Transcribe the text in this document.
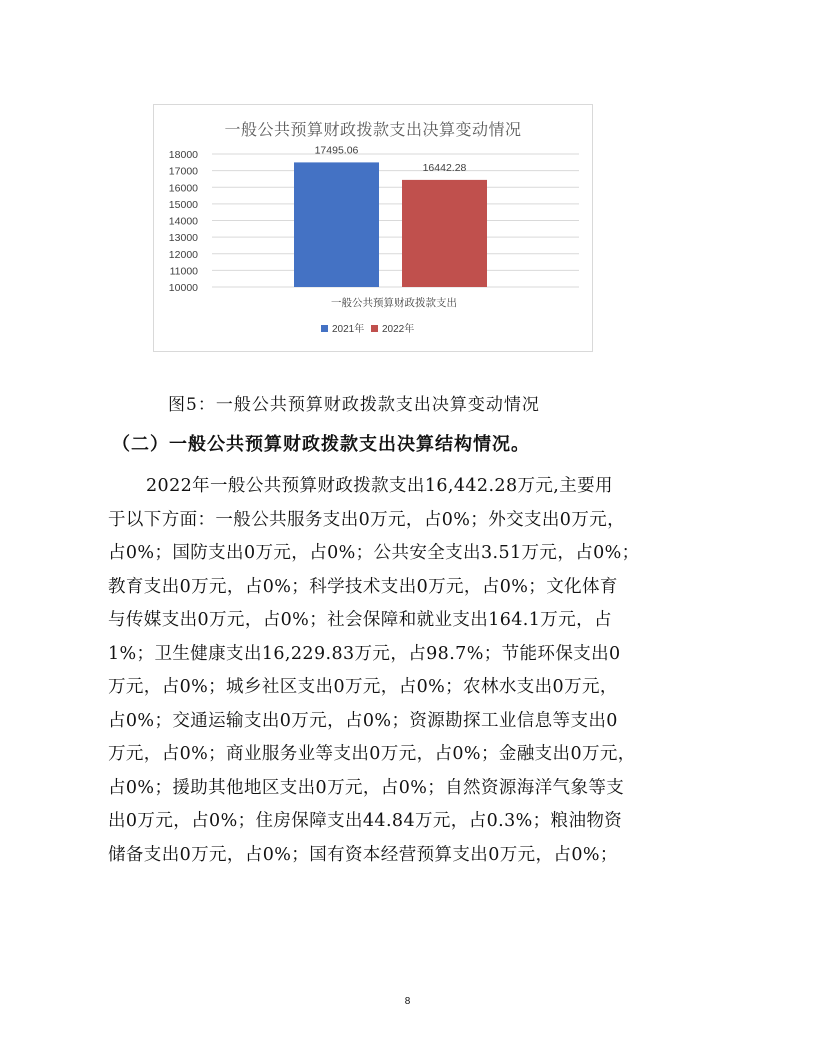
一般公共预算财政拨款支出决算变动情况
10000
11000
12000
13000
14000
15000
16000
17000
18000	17495.06
16442.28
一般公共预算财政拨款支出
2021年 2022年
图5：一般公共预算财政拨款支出决算变动情况
（二）一般公共预算财政拨款支出决算结构情况。
2022年一般公共预算财政拨款支出16,442.28万元,主要用
于以下方面：一般公共服务支出0万元，占0%；外交支出0万元，
占0%；国防支出0万元，占0%；公共安全支出3.51万元，占0%；
教育支出0万元，占0%；科学技术支出0万元，占0%；文化体育
与传媒支出0万元，占0%；社会保障和就业支出164.1万元，占
1%；卫生健康支出16,229.83万元，占98.7%；节能环保支出0
万元，占0%；城乡社区支出0万元，占0%；农林水支出0万元，
占0%；交通运输支出0万元，占0%；资源勘探工业信息等支出0
万元，占0%；商业服务业等支出0万元，占0%；金融支出0万元，
占0%；援助其他地区支出0万元，占0%；自然资源海洋气象等支
出0万元，占0%；住房保障支出44.84万元，占0.3%；粮油物资
储备支出0万元，占0%；国有资本经营预算支出0万元，占0%；
8
